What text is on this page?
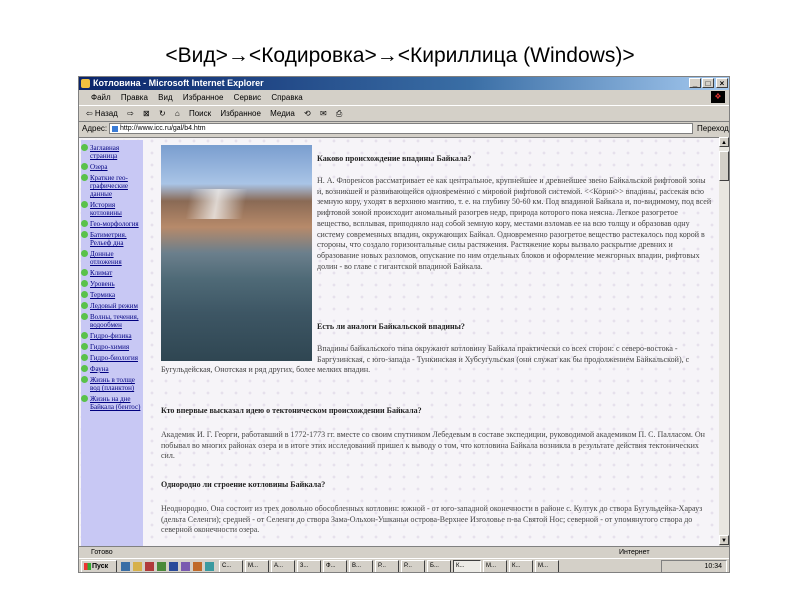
<Вид>→<Кодировка>→<Кириллица (Windows)>
Котловина - Microsoft Internet Explorer	_	□	×
Файл Правка Вид Избранное Сервис Справка	❖
⇦ Назад ⇨ ⊠ ↻ ⌂ Поиск Избранное Медиа ⟲ ✉ ⎙
Адрес:	http://www.icc.ru/gal/b4.htm	Переход
Заглавная страница
Озера
Краткие гео-графические данные
История котловины
Гео-морфология
Батиметрия. Рельеф дна
Донные отложения
Климат
Уровень
Термика
Ледовый режим
Волны, течения, водообмен
Гидро-физика
Гидро-химия
Гидро-биология
Фауна
Жизнь в толще вод (планктон)
Жизнь на дне Байкала (бентос)
Каково происхождение впадины Байкала?
Н. А. Флоренсов рассматривает ее как центральное, крупнейшее и древнейшее звено Байкальской рифтовой зоны и, возникшей и развивающейся одновременно с мировой рифтовой системой. <<Корни>> впадины, рассекая всю земную кору, уходят в верхнюю мантию, т. е. на глубину 50-60 км. Под впадиной Байкала и, по-видимому, под всей рифтовой зоной происходит аномальный разогрев недр, природа которого пока неясна. Легкое разогретое вещество, всплывая, приподняло над собой земную кору, местами взломав ее на всю толщу и образовав одну систему современных впадин, окружающих Байкал. Одновременно разогретое вещество растекалось под корой в стороны, что создало горизонтальные силы растяжения. Растяжение коры вызвало раскрытие древних и образование новых разломов, опускание по ним отдельных блоков и оформление межгорных впадин, рифтовых долин - во главе с гигантской впадиной Байкала.
Есть ли аналоги Байкальской впадины?
Впадины байкальского типа окружают котловину Байкала практически со всех сторон: с северо-востока - Баргузинская, с юго-запада - Тункинская и Хубсугульская (они служат как бы продолжением Байкальской), с
Бугульдейская, Онотская и ряд других, более мелких впадин.
Кто впервые высказал идею о тектоническом происхождении Байкала?
Академик И. Г. Георги, работавший в 1772-1773 гг. вместе со своим спутником Лебедевым в составе экспедиции, руководимой академиком П. С. Палласом. Он побывал во многих районах озера и в итоге этих исследований пришел к выводу о том, что котловина Байкала возникла в результате действия тектонических сил.
Однородно ли строение котловины Байкала?
Неоднородно. Она состоит из трех довольно обособленных котловин: южной - от юго-западной оконечности в районе с. Култук до створа Бугульдейка-Харауз (дельта Селенги); средней - от Селенги до створа Зама-Ольхон-Ушканьи острова-Верхнее Изголовье п-ва Святой Нос; северной - от упомянутого створа до северной оконечности озера.
▲
▼
Готово	Интернет
Пуск	С...	М...	А...	3...	Ф...	В...	Р...	Р...	Б...	К...	М...	К...	М...	10:34
